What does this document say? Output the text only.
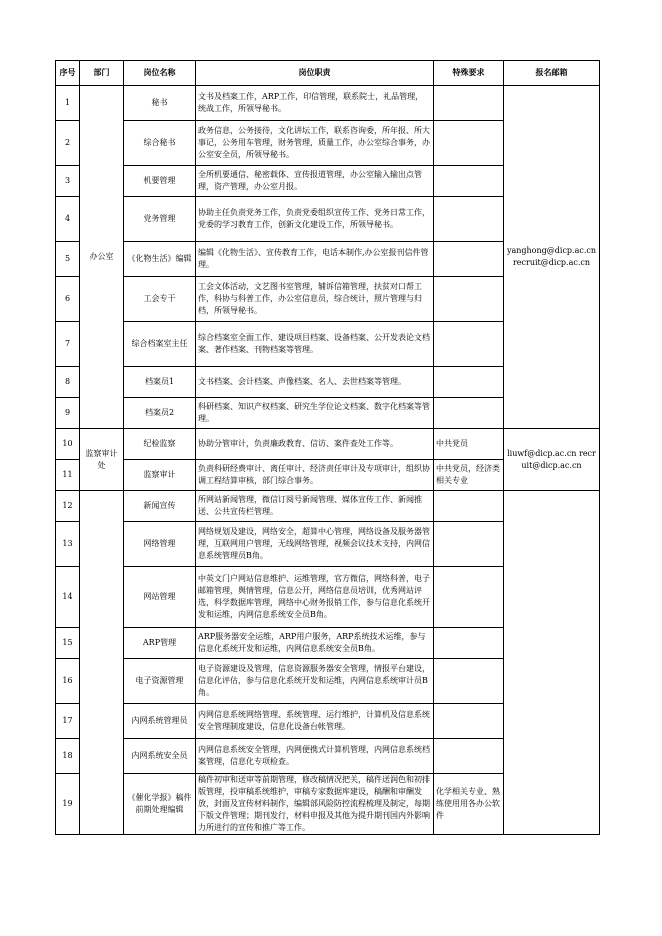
序号	部门	岗位名称	岗位职责	特殊要求	报名邮箱
1	办公室	秘书	文书及档案工作，ARP工作，印信管理，联系院士，礼品管理，统战工作，所领导秘书。		yanghong@dicp.ac.cn recruit@dicp.ac.cn
2		综合秘书	政务信息，公务接待，文化讲坛工作，联系咨询委，所年报、所大事记，公务用车管理，财务管理，质量工作，办公室综合事务，办公室安全员，所领导秘书。		
3		机要管理	全所机要通信、秘密载体、宣传报道管理，办公室输入输出点管理，资产管理，办公室月报。		
4		党务管理	协助主任负责党务工作，负责党委组织宣传工作、党务日常工作，党委的学习教育工作，创新文化建设工作，所领导秘书。		
5		《化物生活》编辑	编辑《化物生活》、宣传教育工作，电话本制作,办公室报刊信件管理。		
6		工会专干	工会文体活动，文艺图书室管理，辅诉信箱管理，扶贫对口帮工作，科协与科普工作，办公室信息员，综合统计，照片管理与归档，所领导秘书。		
7		综合档案室主任	综合档案室全面工作、建设项目档案、设备档案、公开发表论文档案、著作档案、刊物档案等管理。		
8		档案员1	文书档案、会计档案、声像档案、名人、去世档案等管理。		
9		档案员2	科研档案、知识产权档案、研究生学位论文档案、数字化档案等管理。		
10	监察审计处	纪检监察	协助分管审计，负责廉政教育、信访、案件查处工作等。	中共党员	liuwf@dicp.ac.cn recruit@dicp.ac.cn
11		监察审计	负责科研经费审计、离任审计、经济责任审计及专项审计，组织协调工程结算审核，部门综合事务。	中共党员，经济类相关专业	
12		新闻宣传	所网站新闻管理，微信订阅号新闻管理、媒体宣传工作、新闻推送、公共宣传栏管理。		
13		网络管理	网络规划及建设，网络安全，超算中心管理，网络设备及服务器管理，互联网用户管理，无线网络管理，视频会议技术支持，内网信息系统管理员B角。		
14		网站管理	中英文门户网站信息维护、运维管理，官方微信，网络科普，电子邮箱管理，舆情管理，信息公开，网络信息员培训，优秀网站评选，科学数据库管理，网络中心财务报销工作，参与信息化系统开发和运维，内网信息系统安全员B角。		
15		ARP管理	ARP服务器安全运维，ARP用户服务，ARP系统技术运维，参与信息化系统开发和运维，内网信息系统安全员B角。		
16		电子资源管理	电子资源建设及管理，信息资源服务器安全管理，情报平台建设，信息化评估，参与信息化系统开发和运维，内网信息系统审计员B角。		
17		内网系统管理员	内网信息系统网络管理、系统管理、运行维护，计算机及信息系统安全管理制度建设，信息化设备台帐管理。		
18		内网系统安全员	内网信息系统安全管理，内网便携式计算机管理，内网信息系统档案管理，信息化专项检查。		
19		《催化学报》稿件前期处理编辑	稿件初审和送审等前期管理，修改稿情况把关，稿件送润色和初排版管理，投审稿系统维护，审稿专家数据库建设，稿酬和审酬发放，封面及宣传材料制作，编辑部风险防控流程梳理及制定，每期下版文件管理；期刊发行，材料申报及其他为提升期刊国内外影响力所进行的宣传和推广等工作。	化学相关专业、熟练使用用各办公软件	
